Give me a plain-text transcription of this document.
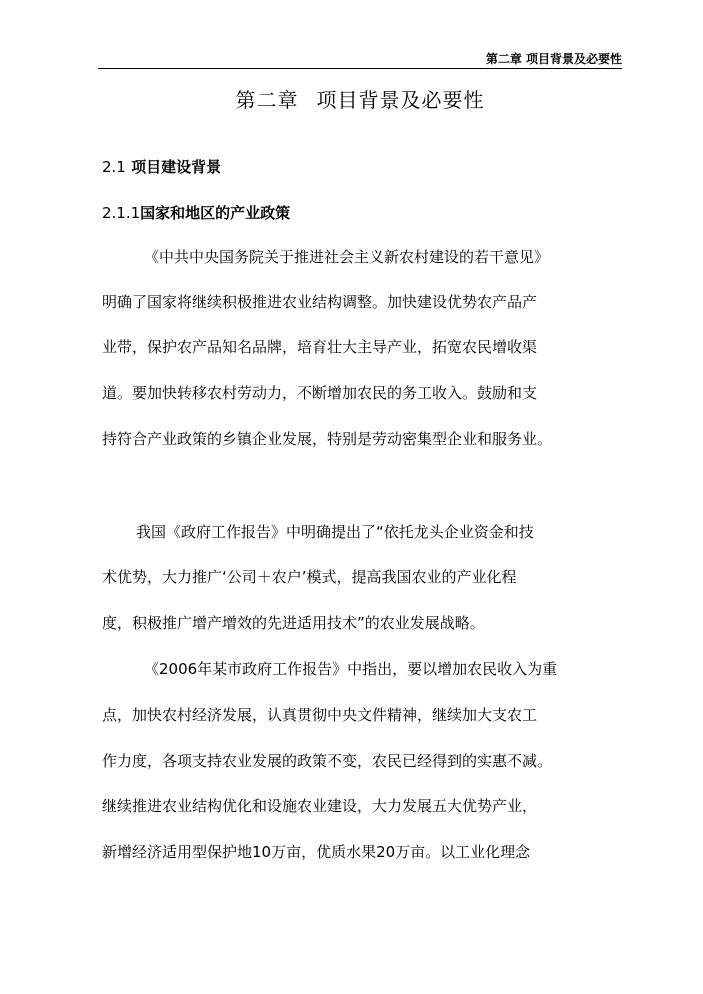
第二章 项目背景及必要性
第二章 项目背景及必要性
2.1 项目建设背景
2.1.1国家和地区的产业政策
《中共中央国务院关于推进社会主义新农村建设的若干意见》
明确了国家将继续积极推进农业结构调整。加快建设优势农产品产
业带，保护农产品知名品牌，培育壮大主导产业，拓宽农民增收渠
道。要加快转移农村劳动力，不断增加农民的务工收入。鼓励和支
持符合产业政策的乡镇企业发展，特别是劳动密集型企业和服务业。
我国《政府工作报告》中明确提出了“依托龙头企业资金和技
术优势，大力推广‘公司＋农户’模式，提高我国农业的产业化程
度，积极推广增产增效的先进适用技术”的农业发展战略。
《2006年某市政府工作报告》中指出，要以增加农民收入为重
点，加快农村经济发展，认真贯彻中央文件精神，继续加大支农工
作力度，各项支持农业发展的政策不变，农民已经得到的实惠不减。
继续推进农业结构优化和设施农业建设，大力发展五大优势产业，
新增经济适用型保护地10万亩，优质水果20万亩。以工业化理念
